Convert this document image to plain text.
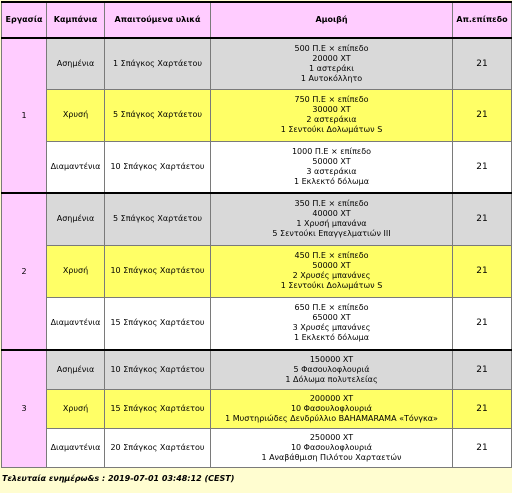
Εργασία	Καμπάνια	Απαιτούμενα υλικά	Αμοιβή	Απ.επίπεδο
1	Ασημένια	1 Σπάγκος Χαρτάετου	500 Π.Ε × επίπεδο
20000 XT
1 αστεράκι
1 Αυτοκόλλητο	21
	Χρυσή	5 Σπάγκος Χαρτάετου	750 Π.Ε × επίπεδο
30000 XT
2 αστεράκια
1 Σεντούκι Δολωμάτων S	21
	Διαμαντένια	10 Σπάγκος Χαρτάετου	1000 Π.Ε × επίπεδο
50000 XT
3 αστεράκια
1 Εκλεκτό δόλωμα	21
2	Ασημένια	5 Σπάγκος Χαρτάετου	350 Π.Ε × επίπεδο
40000 XT
1 Χρυσή μπανάνα
5 Σεντούκι Επαγγελματιών III	21
	Χρυσή	10 Σπάγκος Χαρτάετου	450 Π.Ε × επίπεδο
50000 XT
2 Χρυσές μπανάνες
1 Σεντούκι Δολωμάτων S	21
	Διαμαντένια	15 Σπάγκος Χαρτάετου	650 Π.Ε × επίπεδο
65000 XT
3 Χρυσές μπανάνες
1 Εκλεκτό δόλωμα	21
3	Ασημένια	10 Σπάγκος Χαρτάετου	150000 XT
5 Φασουλοφλουριά
1 Δόλωμα πολυτελείας	21
	Χρυσή	15 Σπάγκος Χαρτάετου	200000 XT
10 Φασουλοφλουριά
1 Μυστηριώδες Δενδρύλλιο BAHAMARAMA «Τόνγκα»	21
	Διαμαντένια	20 Σπάγκος Χαρτάετου	250000 XT
10 Φασουλοφλουριά
1 Αναβάθμιση Πιλότου Χαρταετών	21
Τελευταία ενημέρω&s : 2019-07-01 03:48:12 (CEST)
